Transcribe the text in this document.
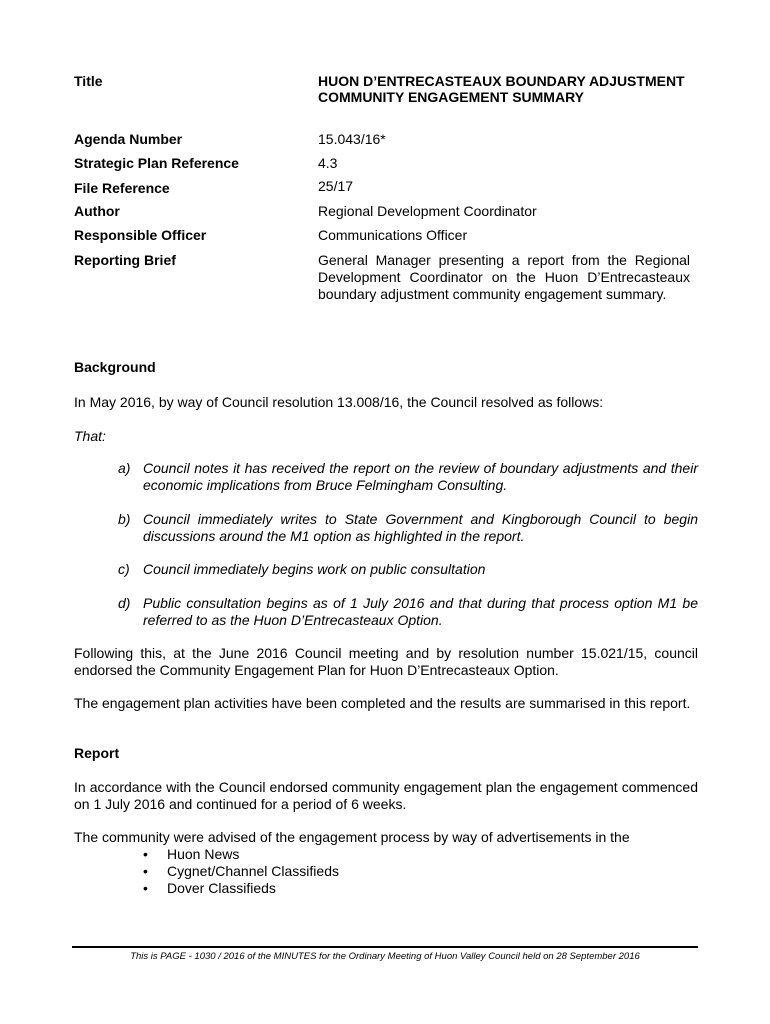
Title	HUON D’ENTRECASTEAUX BOUNDARY ADJUSTMENT COMMUNITY ENGAGEMENT SUMMARY
Agenda Number	15.043/16*
Strategic Plan Reference	4.3
File Reference	25/17
Author	Regional Development Coordinator
Responsible Officer	Communications Officer
Reporting Brief	General Manager presenting a report from the Regional Development Coordinator on the Huon D’Entrecasteaux boundary adjustment community engagement summary.
Background
In May 2016, by way of Council resolution 13.008/16, the Council resolved as follows:
That:
a) Council notes it has received the report on the review of boundary adjustments and their economic implications from Bruce Felmingham Consulting.
b) Council immediately writes to State Government and Kingborough Council to begin discussions around the M1 option as highlighted in the report.
c) Council immediately begins work on public consultation
d) Public consultation begins as of 1 July 2016 and that during that process option M1 be referred to as the Huon D’Entrecasteaux Option.
Following this, at the June 2016 Council meeting and by resolution number 15.021/15, council endorsed the Community Engagement Plan for Huon D’Entrecasteaux Option.
The engagement plan activities have been completed and the results are summarised in this report.
Report
In accordance with the Council endorsed community engagement plan the engagement commenced on 1 July 2016 and continued for a period of 6 weeks.
The community were advised of the engagement process by way of advertisements in the
• Huon News
• Cygnet/Channel Classifieds
• Dover Classifieds
This is PAGE - 1030 / 2016 of the MINUTES for the Ordinary Meeting of Huon Valley Council held on 28 September 2016
